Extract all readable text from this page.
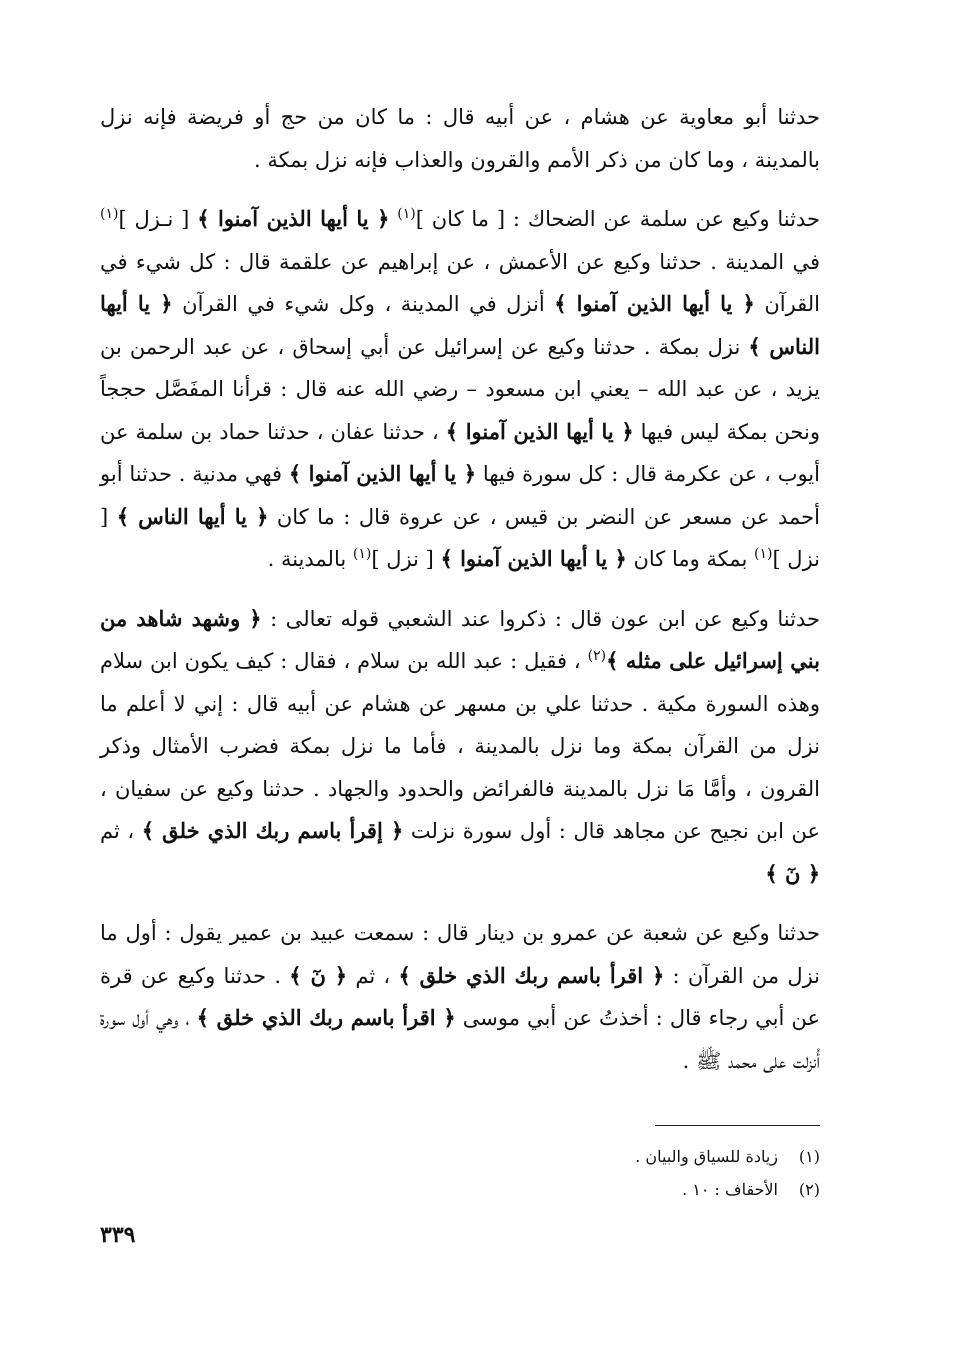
حدثنا أبو معاوية عن هشام ، عن أبيه قال : ما كان من حج أو فريضة فإنه نزل بالمدينة ، وما كان من ذكر الأمم والقرون والعذاب فإنه نزل بمكة .

حدثنا وكيع عن سلمة عن الضحاك : [ ما كان ]$^{(١)}$ ﴿ يا أيها الذين آمنوا ﴾ [ نـزل ]$^{(١)}$ في المدينة . حدثنا وكيع عن الأعمش ، عن إبراهيم عن علقمة قال : كل شيء في القرآن ﴿ يا أيها الذين آمنوا ﴾ أنزل في المدينة ، وكل شيء في القرآن ﴿ يا أيها الناس ﴾ نزل بمكة . حدثنا وكيع عن إسرائيل عن أبي إسحاق ، عن عبد الرحمن بن يزيد ، عن عبد الله – يعني ابن مسعود – رضي الله عنه قال : قرأنا المفَصَّل حججاً ونحن بمكة ليس فيها ﴿ يا أيها الذين آمنوا ﴾ ، حدثنا عفان ، حدثنا حماد بن سلمة عن أيوب ، عن عكرمة قال : كل سورة فيها ﴿ يا أيها الذين آمنوا ﴾ فهي مدنية . حدثنا أبو أحمد عن مسعر عن النضر بن قيس ، عن عروة قال : ما كان ﴿ يا أيها الناس ﴾ [ نزل ]$^{(١)}$ بمكة وما كان ﴿ يا أيها الذين آمنوا ﴾ [ نزل ]$^{(١)}$ بالمدينة .

حدثنا وكيع عن ابن عون قال : ذكروا عند الشعبي قوله تعالى : ﴿ وشهد شاهد من بني إسرائيل على مثله ﴾$^{(٢)}$ ، فقيل : عبد الله بن سلام ، فقال : كيف يكون ابن سلام وهذه السورة مكية . حدثنا علي بن مسهر عن هشام عن أبيه قال : إني لا أعلم ما نزل من القرآن بمكة وما نزل بالمدينة ، فأما ما نزل بمكة فضرب الأمثال وذكر القرون ، وأمَّا مَا نزل بالمدينة فالفرائض والحدود والجهاد . حدثنا وكيع عن سفيان ، عن ابن نجيح عن مجاهد قال : أول سورة نزلت ﴿ إقرأ باسم ربك الذي خلق ﴾ ، ثم ﴿ نٓ ﴾

حدثنا وكيع عن شعبة عن عمرو بن دينار قال : سمعت عبيد بن عمير يقول : أول ما نزل من القرآن : ﴿ اقرأ باسم ربك الذي خلق ﴾ ، ثم ﴿ نٓ ﴾ . حدثنا وكيع عن قرة عن أبي رجاء قال : أخذتُ عن أبي موسى ﴿ اقرأ باسم ربك الذي خلق ﴾ ، وهي أول سورة أُنزلت على محمد ﷺ .

(١)زيادة للسياق والبيان .
(٢)الأحقاف : ١٠ .
٣٣٩
